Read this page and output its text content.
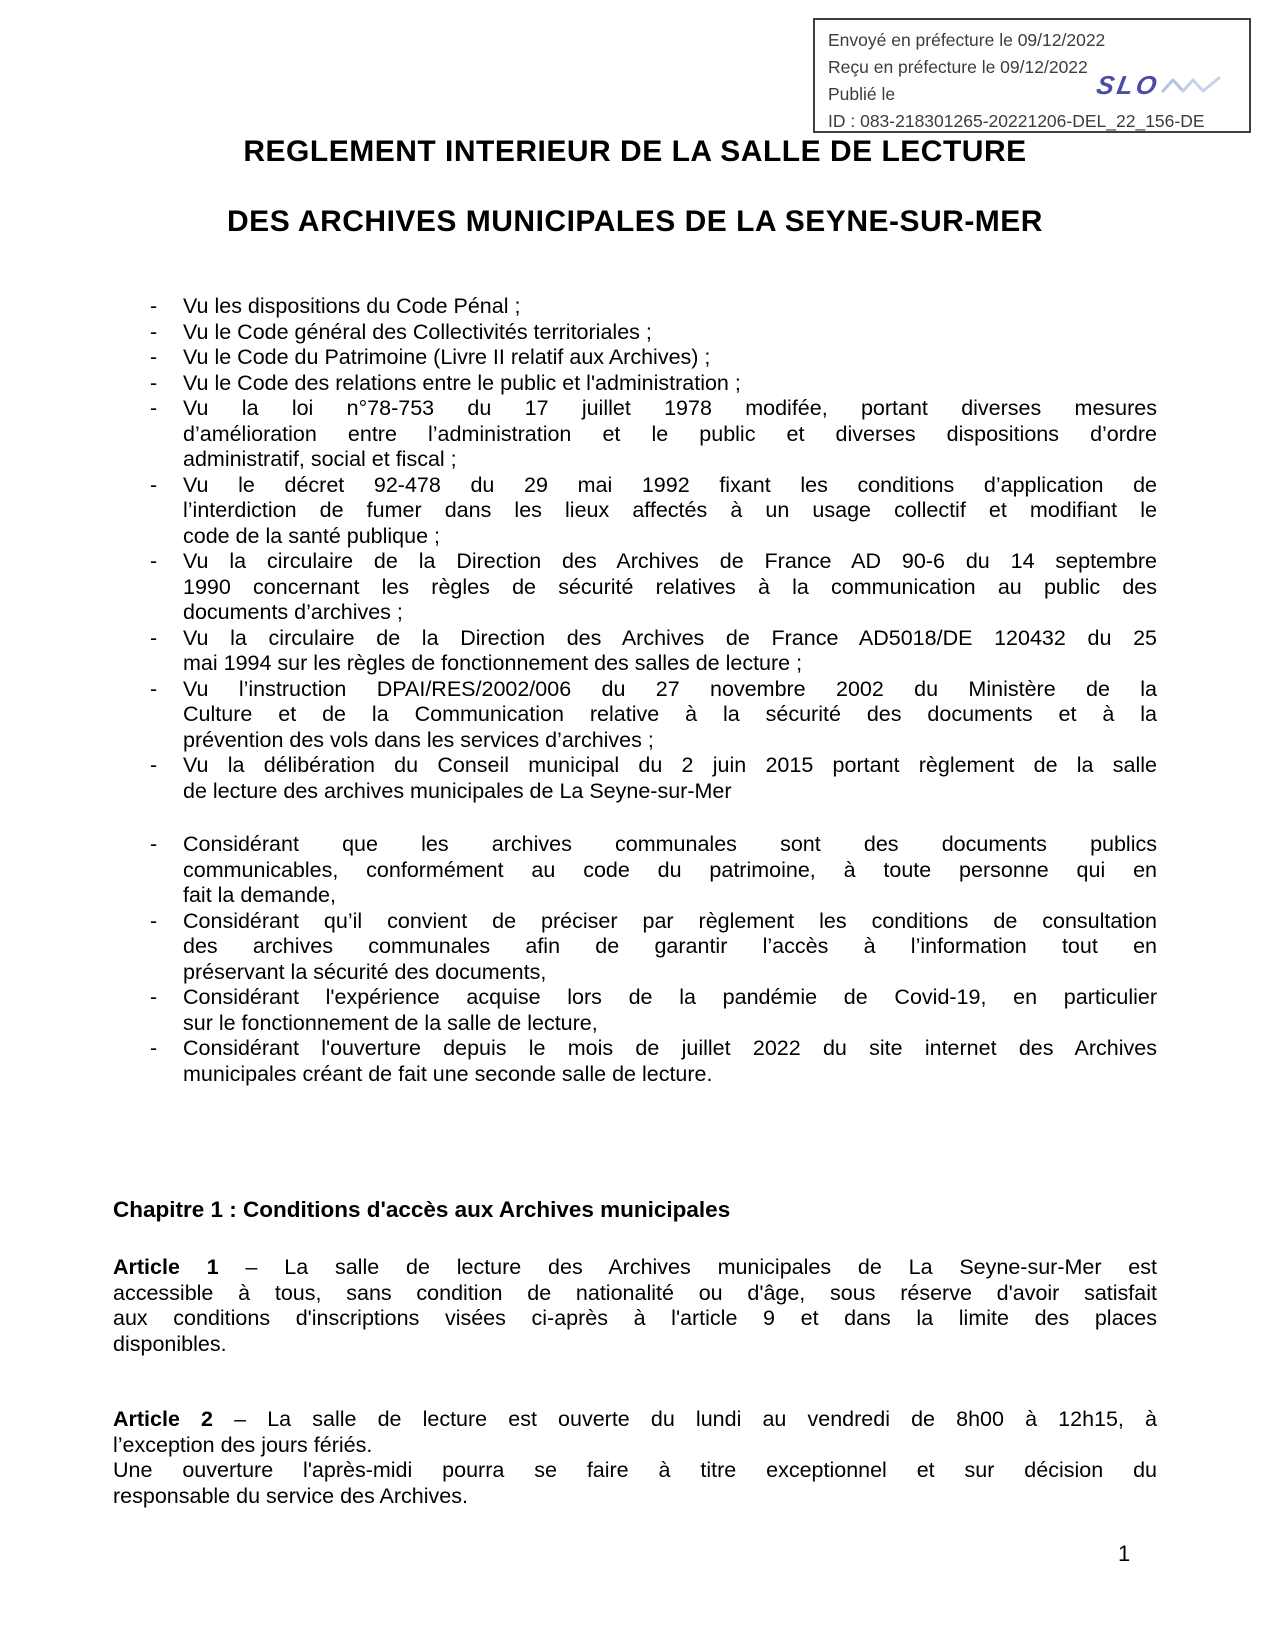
Envoyé en préfecture le 09/12/2022
Reçu en préfecture le 09/12/2022
Publié le
ID : 083-218301265-20221206-DEL_22_156-DE
SLO
REGLEMENT INTERIEUR DE LA SALLE DE LECTURE
DES ARCHIVES MUNICIPALES DE LA SEYNE-SUR-MER
- Vu les dispositions du Code Pénal ;
- Vu le Code général des Collectivités territoriales ;
- Vu le Code du Patrimoine (Livre II relatif aux Archives) ;
- Vu le Code des relations entre le public et l'administration ;
- Vu la loi n°78-753 du 17 juillet 1978 modifée, portant diverses mesures
d’amélioration entre l’administration et le public et diverses dispositions d’ordre
administratif, social et fiscal ;
- Vu le décret 92-478 du 29 mai 1992 fixant les conditions d’application de
l’interdiction de fumer dans les lieux affectés à un usage collectif et modifiant le
code de la santé publique ;
- Vu la circulaire de la Direction des Archives de France AD 90-6 du 14 septembre
1990 concernant les règles de sécurité relatives à la communication au public des
documents d’archives ;
- Vu la circulaire de la Direction des Archives de France AD5018/DE 120432 du 25
mai 1994 sur les règles de fonctionnement des salles de lecture ;
- Vu l’instruction DPAI/RES/2002/006 du 27 novembre 2002 du Ministère de la
Culture et de la Communication relative à la sécurité des documents et à la
prévention des vols dans les services d’archives ;
- Vu la délibération du Conseil municipal du 2 juin 2015 portant règlement de la salle
de lecture des archives municipales de La Seyne-sur-Mer
- Considérant que les archives communales sont des documents publics
communicables, conformément au code du patrimoine, à toute personne qui en
fait la demande,
- Considérant qu’il convient de préciser par règlement les conditions de consultation
des archives communales afin de garantir l’accès à l’information tout en
préservant la sécurité des documents,
- Considérant l'expérience acquise lors de la pandémie de Covid-19, en particulier
sur le fonctionnement de la salle de lecture,
- Considérant l'ouverture depuis le mois de juillet 2022 du site internet des Archives
municipales créant de fait une seconde salle de lecture.
Chapitre 1 : Conditions d'accès aux Archives municipales
Article 1 – La salle de lecture des Archives municipales de La Seyne-sur-Mer est
accessible à tous, sans condition de nationalité ou d'âge, sous réserve d'avoir satisfait
aux conditions d'inscriptions visées ci-après à l'article 9 et dans la limite des places
disponibles.
Article 2 – La salle de lecture est ouverte du lundi au vendredi de 8h00 à 12h15, à
l’exception des jours fériés.
Une ouverture l'après-midi pourra se faire à titre exceptionnel et sur décision du
responsable du service des Archives.
1
